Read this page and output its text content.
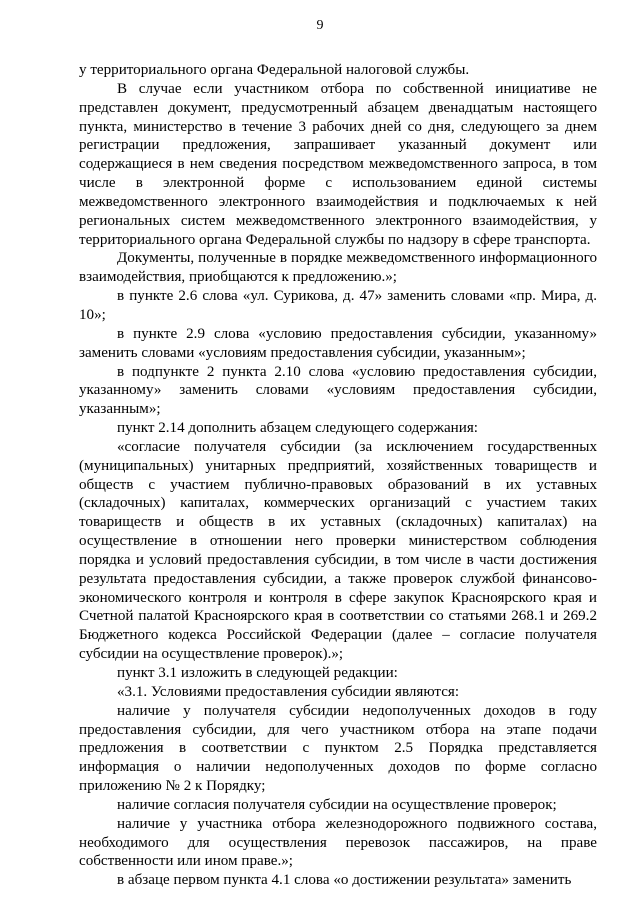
9

у территориального органа Федеральной налоговой службы.

В случае если участником отбора по собственной инициативе не представлен документ, предусмотренный абзацем двенадцатым настоящего пункта, министерство в течение 3 рабочих дней со дня, следующего за днем регистрации предложения, запрашивает указанный документ или содержащиеся в нем сведения посредством межведомственного запроса, в том числе в электронной форме с использованием единой системы межведомственного электронного взаимодействия и подключаемых к ней региональных систем межведомственного электронного взаимодействия, у территориального органа Федеральной службы по надзору в сфере транспорта.

Документы, полученные в порядке межведомственного информационного взаимодействия, приобщаются к предложению.»;

в пункте 2.6 слова «ул. Сурикова, д. 47» заменить словами «пр. Мира, д. 10»;

в пункте 2.9 слова «условию предоставления субсидии, указанному» заменить словами «условиям предоставления субсидии, указанным»;

в подпункте 2 пункта 2.10 слова «условию предоставления субсидии, указанному» заменить словами «условиям предоставления субсидии, указанным»;

пункт 2.14 дополнить абзацем следующего содержания:

«согласие получателя субсидии (за исключением государственных (муниципальных) унитарных предприятий, хозяйственных товариществ и обществ с участием публично-правовых образований в их уставных (складочных) капиталах, коммерческих организаций с участием таких товариществ и обществ в их уставных (складочных) капиталах) на осуществление в отношении него проверки министерством соблюдения порядка и условий предоставления субсидии, в том числе в части достижения результата предоставления субсидии, а также проверок службой финансово-экономического контроля и контроля в сфере закупок Красноярского края и Счетной палатой Красноярского края в соответствии со статьями 268.1 и 269.2 Бюджетного кодекса Российской Федерации (далее – согласие получателя субсидии на осуществление проверок).»;

пункт 3.1 изложить в следующей редакции:

«3.1. Условиями предоставления субсидии являются:

наличие у получателя субсидии недополученных доходов в году предоставления субсидии, для чего участником отбора на этапе подачи предложения в соответствии с пунктом 2.5 Порядка представляется информация о наличии недополученных доходов по форме согласно приложению № 2 к Порядку;

наличие согласия получателя субсидии на осуществление проверок;

наличие у участника отбора железнодорожного подвижного состава, необходимого для осуществления перевозок пассажиров, на праве собственности или ином праве.»;

в абзаце первом пункта 4.1 слова «о достижении результата» заменить
